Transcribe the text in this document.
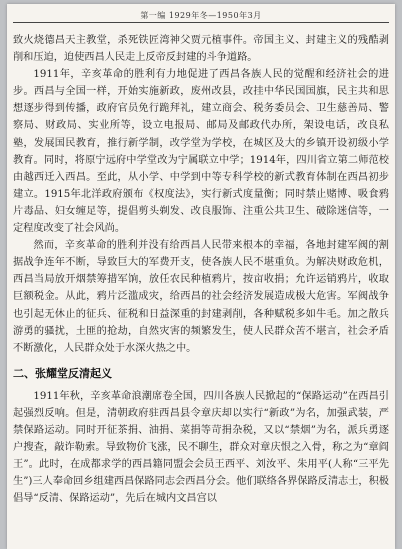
第一编 1929年冬—1950年3月

致火烧德昌天主教堂，杀死铁匠湾神父贾元植事件。帝国主义、封建主义的残酷剥削和压迫，迫使西昌人民走上反帝反封建的斗争道路。

1911年，辛亥革命的胜利有力地促进了西昌各族人民的觉醒和经济社会的进步。西昌与全国一样，开始实施新政，废州改县，改挂中华民国国旗，民主共和思想逐步得到传播，政府官员免行跪拜礼，建立商会、税务委员会、卫生慈善局、警察局、财政局、实业所等，设立电报局、邮局及邮政代办所，架设电话，改良私塾，发展国民教育，推行新学制，改学堂为学校，在城区及大的乡镇开设初级小学教育。同时，将原宁远府中学堂改为宁属联立中学；1914年，四川省立第二师范校由越西迁入西昌。至此，从小学、中学到中等专科学校的新式教育体制在西昌初步建立。1915年北洋政府颁布《权度法》，实行新式度量衡；同时禁止赌博、吸食鸦片毒品、妇女缠足等，提倡剪头剃发、改良服饰、注重公共卫生、破除迷信等，一定程度改变了社会风尚。

然而，辛亥革命的胜利并没有给西昌人民带来根本的幸福，各地封建军阀的割据战争连年不断，导致巨大的军费开支，使各族人民不堪重负。为解决财政危机，西昌当局放开烟禁筹措军饷，放任农民种植鸦片，按亩收捐；允许运销鸦片，收取巨额税金。从此，鸦片泛滥成灾，给西昌的社会经济发展造成极大危害。军阀战争也引起无休止的征兵、征税和日益深重的封建剥削，各种赋税多如牛毛。加之散兵游勇的骚扰，土匪的抢劫，自然灾害的频繁发生，使人民群众苦不堪言，社会矛盾不断激化，人民群众处于水深火热之中。

二、张耀堂反清起义

1911年秋，辛亥革命浪潮席卷全国，四川各族人民掀起的“保路运动”在西昌引起强烈反响。但是，清朝政府驻西昌县令章庆却以实行“新政”为名，加强武装，严禁保路运动。同时开征茶捐、油捐、菜捐等苛捐杂税，又以“禁烟”为名，派兵勇逐户搜查，敲诈勒索。导致物价飞涨，民不聊生，群众对章庆恨之入骨，称之为“章阎王”。此时，在成都求学的西昌籍同盟会会员王西平、刘汝平、朱用平(人称“三平先生”)三人奉命回乡组建西昌保路同志会西昌分会。他们联络各界保路反清志士，积极倡导“反清、保路运动”，先后在城内文昌宫以
